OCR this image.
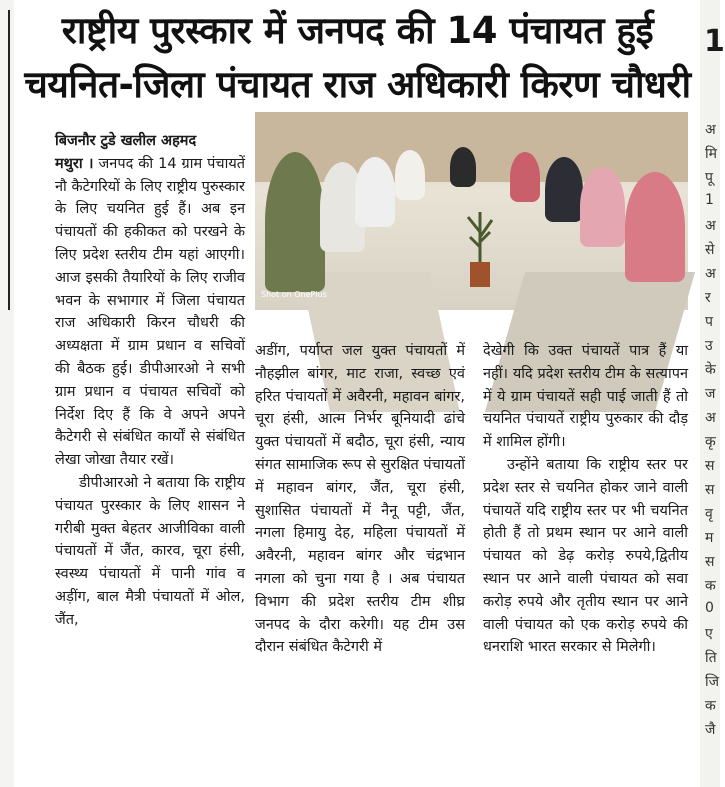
राष्ट्रीय पुरस्कार में जनपद की 14 पंचायत हुई
चयनित-जिला पंचायत राज अधिकारी किरण चौधरी
Shot on OnePlus

बिजनौर टुडे खलील अहमद

मथुरा । जनपद की 14 ग्राम पंचायतें नौ कैटेगरियों के लिए राष्ट्रीय पुरुस्कार के लिए चयनित हुई हैं। अब इन पंचायतों की हकीकत को परखने के लिए प्रदेश स्तरीय टीम यहां आएगी। आज इसकी तैयारियों के लिए राजीव भवन के सभागार में जिला पंचायत राज अधिकारी किरन चौधरी की अध्यक्षता में ग्राम प्रधान व सचिवों की बैठक हुई। डीपीआरओ ने सभी ग्राम प्रधान व पंचायत सचिवों को निर्देश दिए हैं कि वे अपने अपने कैटेगरी से संबंधित कार्यों से संबंधित लेखा जोखा तैयार रखें।

डीपीआरओ ने बताया कि राष्ट्रीय पंचायत पुरस्कार के लिए शासन ने गरीबी मुक्त बेहतर आजीविका वाली पंचायतों में जैंत, कारव, चूरा हंसी, स्वस्थ्य पंचायतों में पानी गांव व अड़ींग, बाल मैत्री पंचायतों में ओल, जैंत,

अडींग, पर्याप्त जल युक्त पंचायतों में नौहझील बांगर, माट राजा, स्वच्छ एवं हरित पंचायतों में अवैरनी, महावन बांगर, चूरा हंसी, आत्म निर्भर बूनियादी ढांचे युक्त पंचायतों में बदौठ, चूरा हंसी, न्याय संगत सामाजिक रूप से सुरक्षित पंचायतों में महावन बांगर, जैंत, चूरा हंसी, सुशासित पंचायतों में नैनू पट्टी, जैंत, नगला हिमायु देह, महिला पंचायतों में अवैरनी, महावन बांगर और चंद्रभान नगला को चुना गया है । अब पंचायत विभाग की प्रदेश स्तरीय टीम शीघ्र जनपद के दौरा करेगी। यह टीम उस दौरान संबंधित कैटेगरी में

देखेगी कि उक्त पंचायतें पात्र हैं या नहीं। यदि प्रदेश स्तरीय टीम के सत्यापन में ये ग्राम पंचायतें सही पाई जाती हैं तो चयनित पंचायतें राष्ट्रीय पुरुकार की दौड़ में शामिल होंगी।

उन्होंने बताया कि राष्ट्रीय स्तर पर प्रदेश स्तर से चयनित होकर जाने वाली पंचायतें यदि राष्ट्रीय स्तर पर भी चयनित होती हैं तो प्रथम स्थान पर आने वाली पंचायत को डेढ़ करोड़ रुपये,द्वितीय स्थान पर आने वाली पंचायत को सवा करोड़ रुपये और तृतीय स्थान पर आने वाली पंचायत को एक करोड़ रुपये की धनराशि भारत सरकार से मिलेगी।

1
अ
मि
पू
1
अ
से
अ
र
प
उ
के
ज
अ
कृ
स
स
वृ
म
स
क
0
ए
ति
जि
क
जै
